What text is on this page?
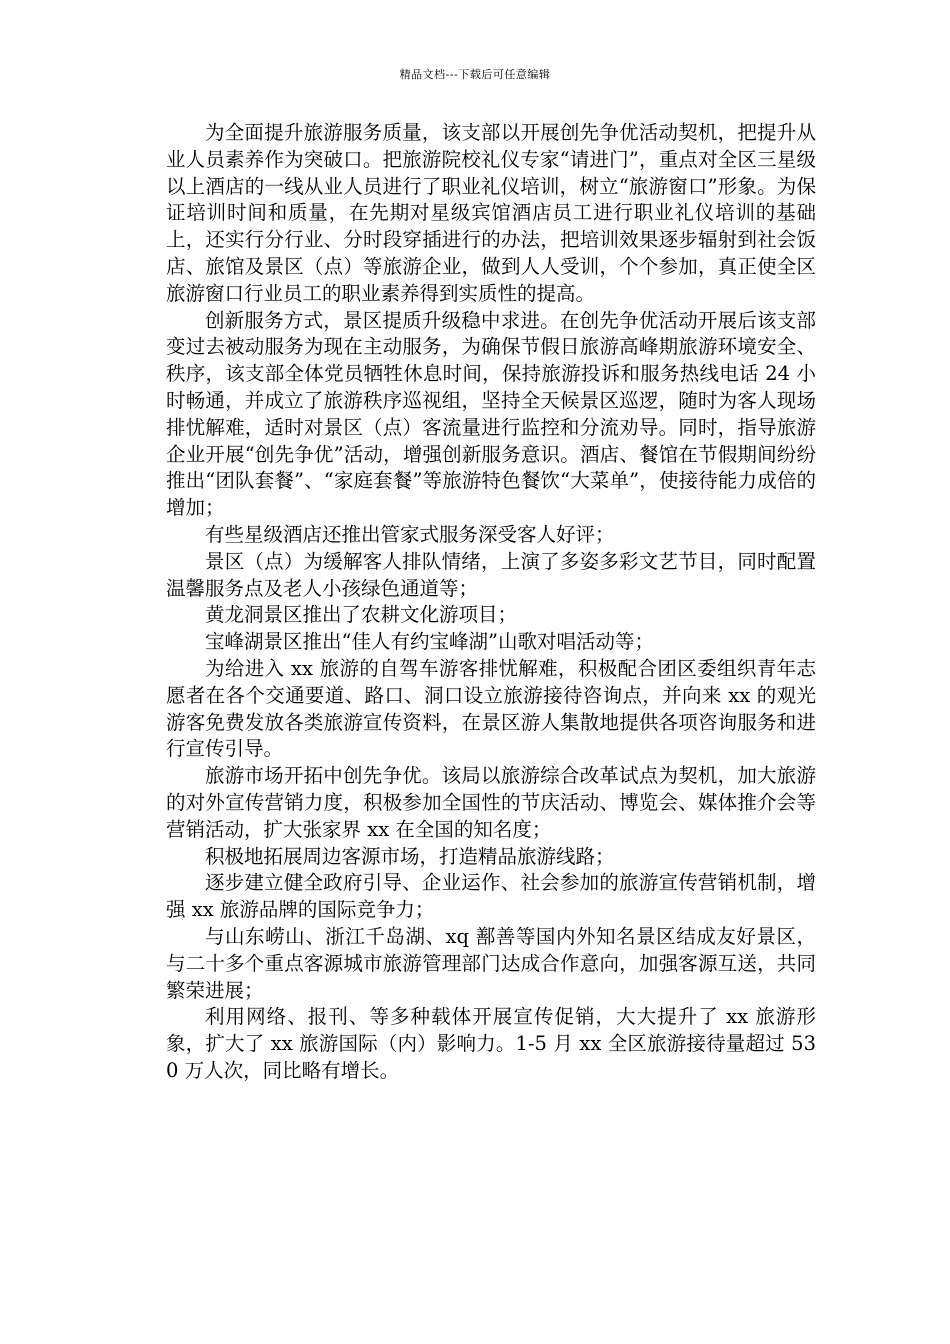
精品文档---下载后可任意编辑

为全面提升旅游服务质量，该支部以开展创先争优活动契机，把提升从业人员素养作为突破口。把旅游院校礼仪专家“请进门”，重点对全区三星级以上酒店的一线从业人员进行了职业礼仪培训，树立“旅游窗口”形象。为保证培训时间和质量，在先期对星级宾馆酒店员工进行职业礼仪培训的基础上，还实行分行业、分时段穿插进行的办法，把培训效果逐步辐射到社会饭店、旅馆及景区（点）等旅游企业，做到人人受训，个个参加，真正使全区旅游窗口行业员工的职业素养得到实质性的提高。

创新服务方式，景区提质升级稳中求进。在创先争优活动开展后该支部变过去被动服务为现在主动服务，为确保节假日旅游高峰期旅游环境安全、秩序，该支部全体党员牺牲休息时间，保持旅游投诉和服务热线电话 24 小时畅通，并成立了旅游秩序巡视组，坚持全天候景区巡逻，随时为客人现场排忧解难，适时对景区（点）客流量进行监控和分流劝导。同时，指导旅游企业开展“创先争优”活动，增强创新服务意识。酒店、餐馆在节假期间纷纷推出“团队套餐”、“家庭套餐”等旅游特色餐饮“大菜单”，使接待能力成倍的增加；

有些星级酒店还推出管家式服务深受客人好评；

景区（点）为缓解客人排队情绪，上演了多姿多彩文艺节目，同时配置温馨服务点及老人小孩绿色通道等；

黄龙洞景区推出了农耕文化游项目；

宝峰湖景区推出“佳人有约宝峰湖”山歌对唱活动等；

为给进入 xx 旅游的自驾车游客排忧解难，积极配合团区委组织青年志愿者在各个交通要道、路口、洞口设立旅游接待咨询点，并向来 xx 的观光游客免费发放各类旅游宣传资料，在景区游人集散地提供各项咨询服务和进行宣传引导。

旅游市场开拓中创先争优。该局以旅游综合改革试点为契机，加大旅游的对外宣传营销力度，积极参加全国性的节庆活动、博览会、媒体推介会等营销活动，扩大张家界 xx 在全国的知名度；

积极地拓展周边客源市场，打造精品旅游线路；

逐步建立健全政府引导、企业运作、社会参加的旅游宣传营销机制，增强 xx 旅游品牌的国际竞争力；

与山东崂山、浙江千岛湖、xq 鄯善等国内外知名景区结成友好景区，与二十多个重点客源城市旅游管理部门达成合作意向，加强客源互送，共同繁荣进展；

利用网络、报刊、等多种载体开展宣传促销，大大提升了 xx 旅游形象，扩大了 xx 旅游国际（内）影响力。1-5 月 xx 全区旅游接待量超过 530 万人次，同比略有增长。
